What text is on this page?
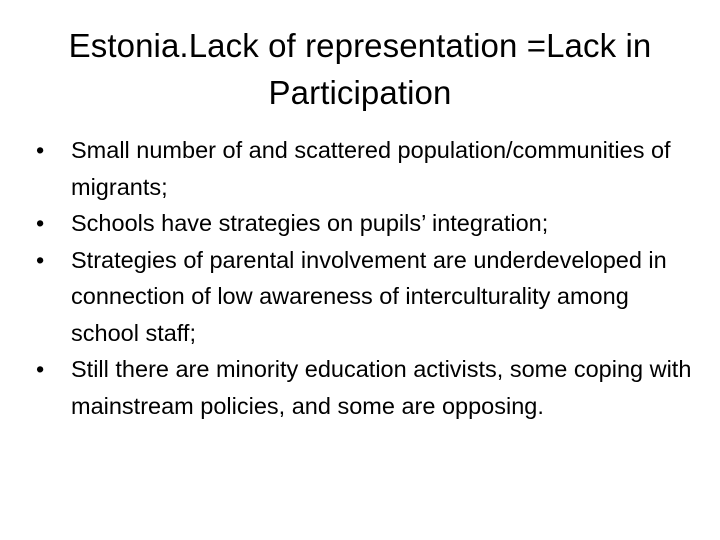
Estonia.Lack of representation =Lack in Participation
•	Small number of and scattered population/communities of migrants;
•	Schools have strategies on pupils’ integration;
•	Strategies of parental involvement are underdeveloped in connection of low awareness of interculturality among school staff;
•	Still there are minority education activists, some coping with mainstream policies, and some are opposing.
